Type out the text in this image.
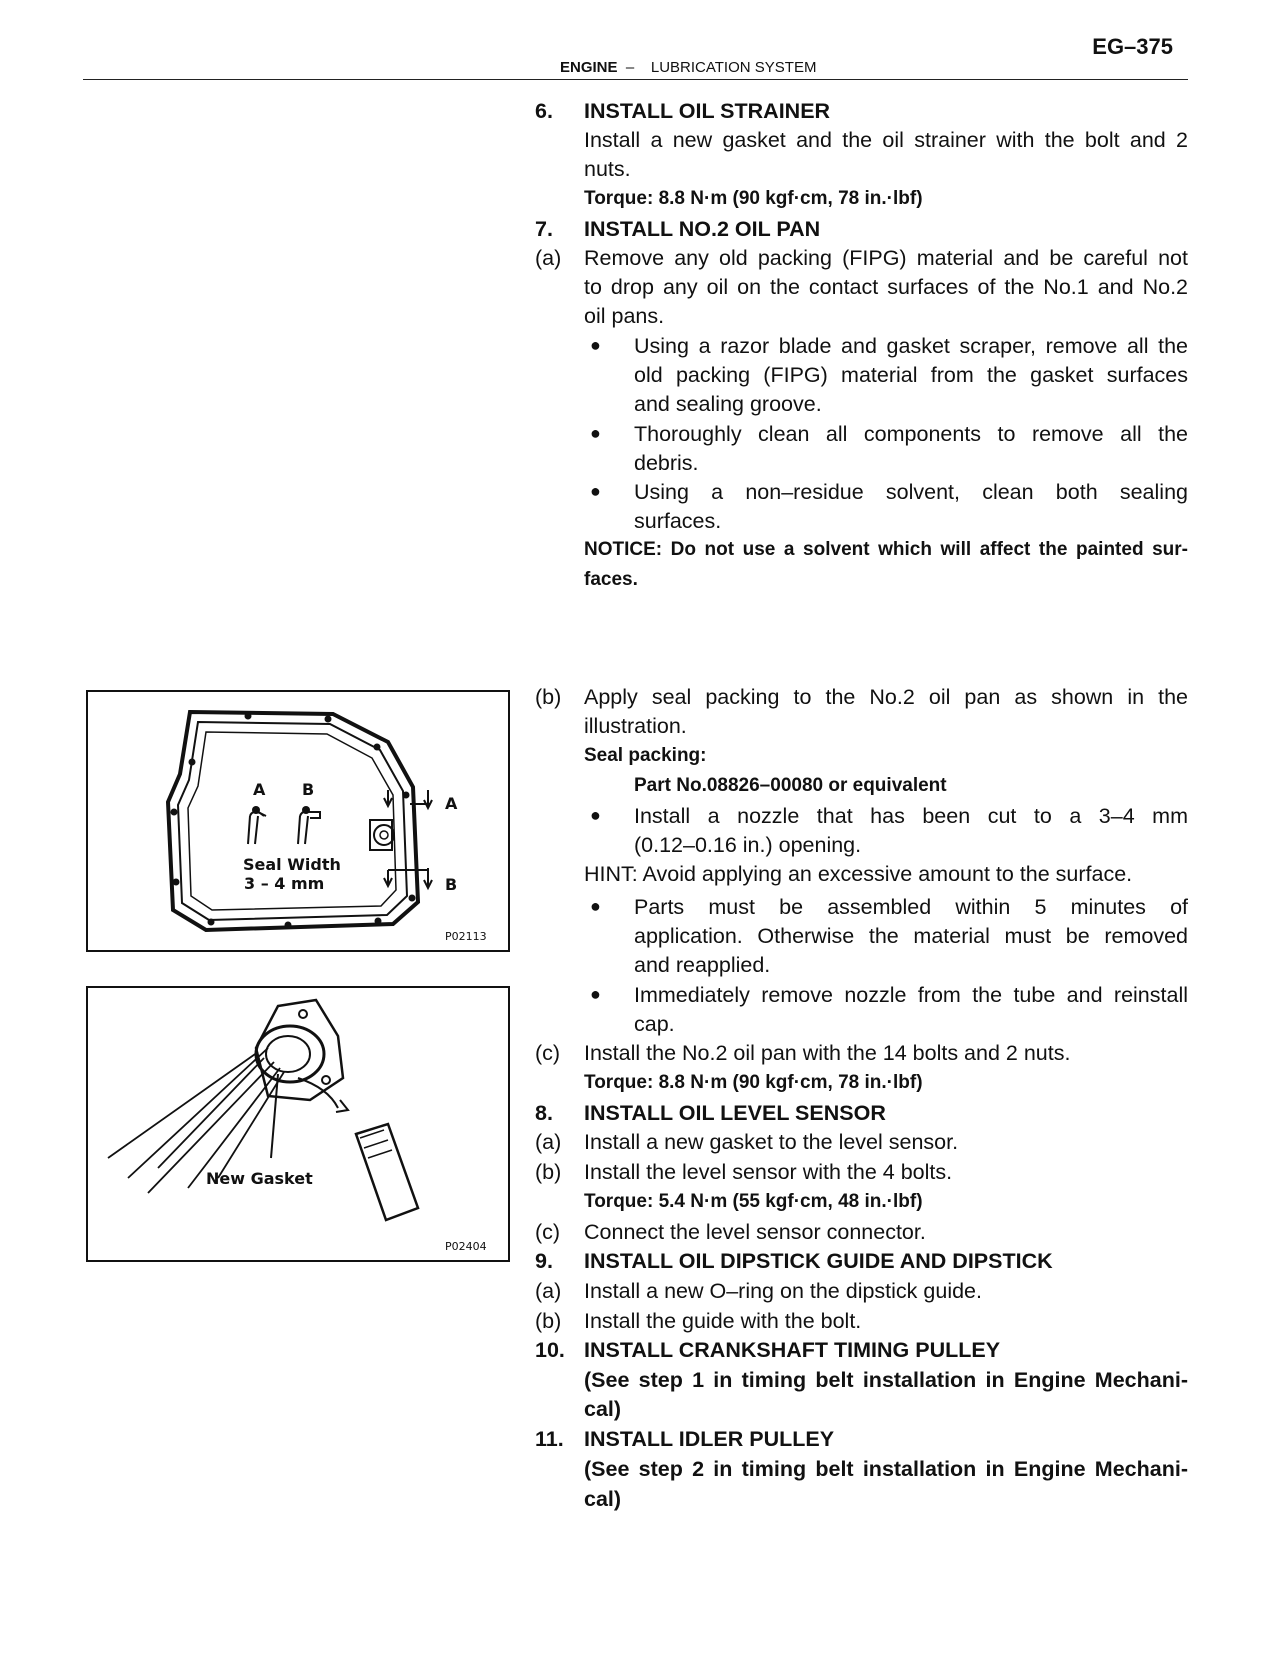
EG–375
ENGINE  –    LUBRICATION SYSTEM
A B
Seal Width
3 – 4 mm
A
B
P02113
New Gasket
P02404
6. INSTALL OIL STRAINER
Install a new gasket and the oil strainer with the bolt and 2
nuts.
Torque: 8.8 N·m (90 kgf·cm, 78 in.·lbf)
7. INSTALL NO.2 OIL PAN
(a) Remove any old packing (FIPG) material and be careful not
to drop any oil on the contact surfaces of the No.1 and No.2
oil pans.
● Using a razor blade and gasket scraper, remove all the
old packing (FIPG) material from the gasket surfaces
and sealing groove.
● Thoroughly clean all components to remove all the
debris.
● Using a non–residue solvent, clean both sealing
surfaces.
NOTICE: Do not use a solvent which will affect the painted sur-
faces.
(b) Apply seal packing to the No.2 oil pan as shown in the
illustration.
Seal packing:
Part No.08826–00080 or equivalent
● Install a nozzle that has been cut to a 3–4 mm
(0.12–0.16 in.) opening.
HINT: Avoid applying an excessive amount to the surface.
● Parts must be assembled within 5 minutes of
application. Otherwise the material must be removed
and reapplied.
● Immediately remove nozzle from the tube and reinstall
cap.
(c) Install the No.2 oil pan with the 14 bolts and 2 nuts.
Torque: 8.8 N·m (90 kgf·cm, 78 in.·lbf)
8. INSTALL OIL LEVEL SENSOR
(a) Install a new gasket to the level sensor.
(b) Install the level sensor with the 4 bolts.
Torque: 5.4 N·m (55 kgf·cm, 48 in.·lbf)
(c) Connect the level sensor connector.
9. INSTALL OIL DIPSTICK GUIDE AND DIPSTICK
(a) Install a new O–ring on the dipstick guide.
(b) Install the guide with the bolt.
10. INSTALL CRANKSHAFT TIMING PULLEY
(See step 1 in timing belt installation in Engine Mechani-
cal)
11. INSTALL IDLER PULLEY
(See step 2 in timing belt installation in Engine Mechani-
cal)
